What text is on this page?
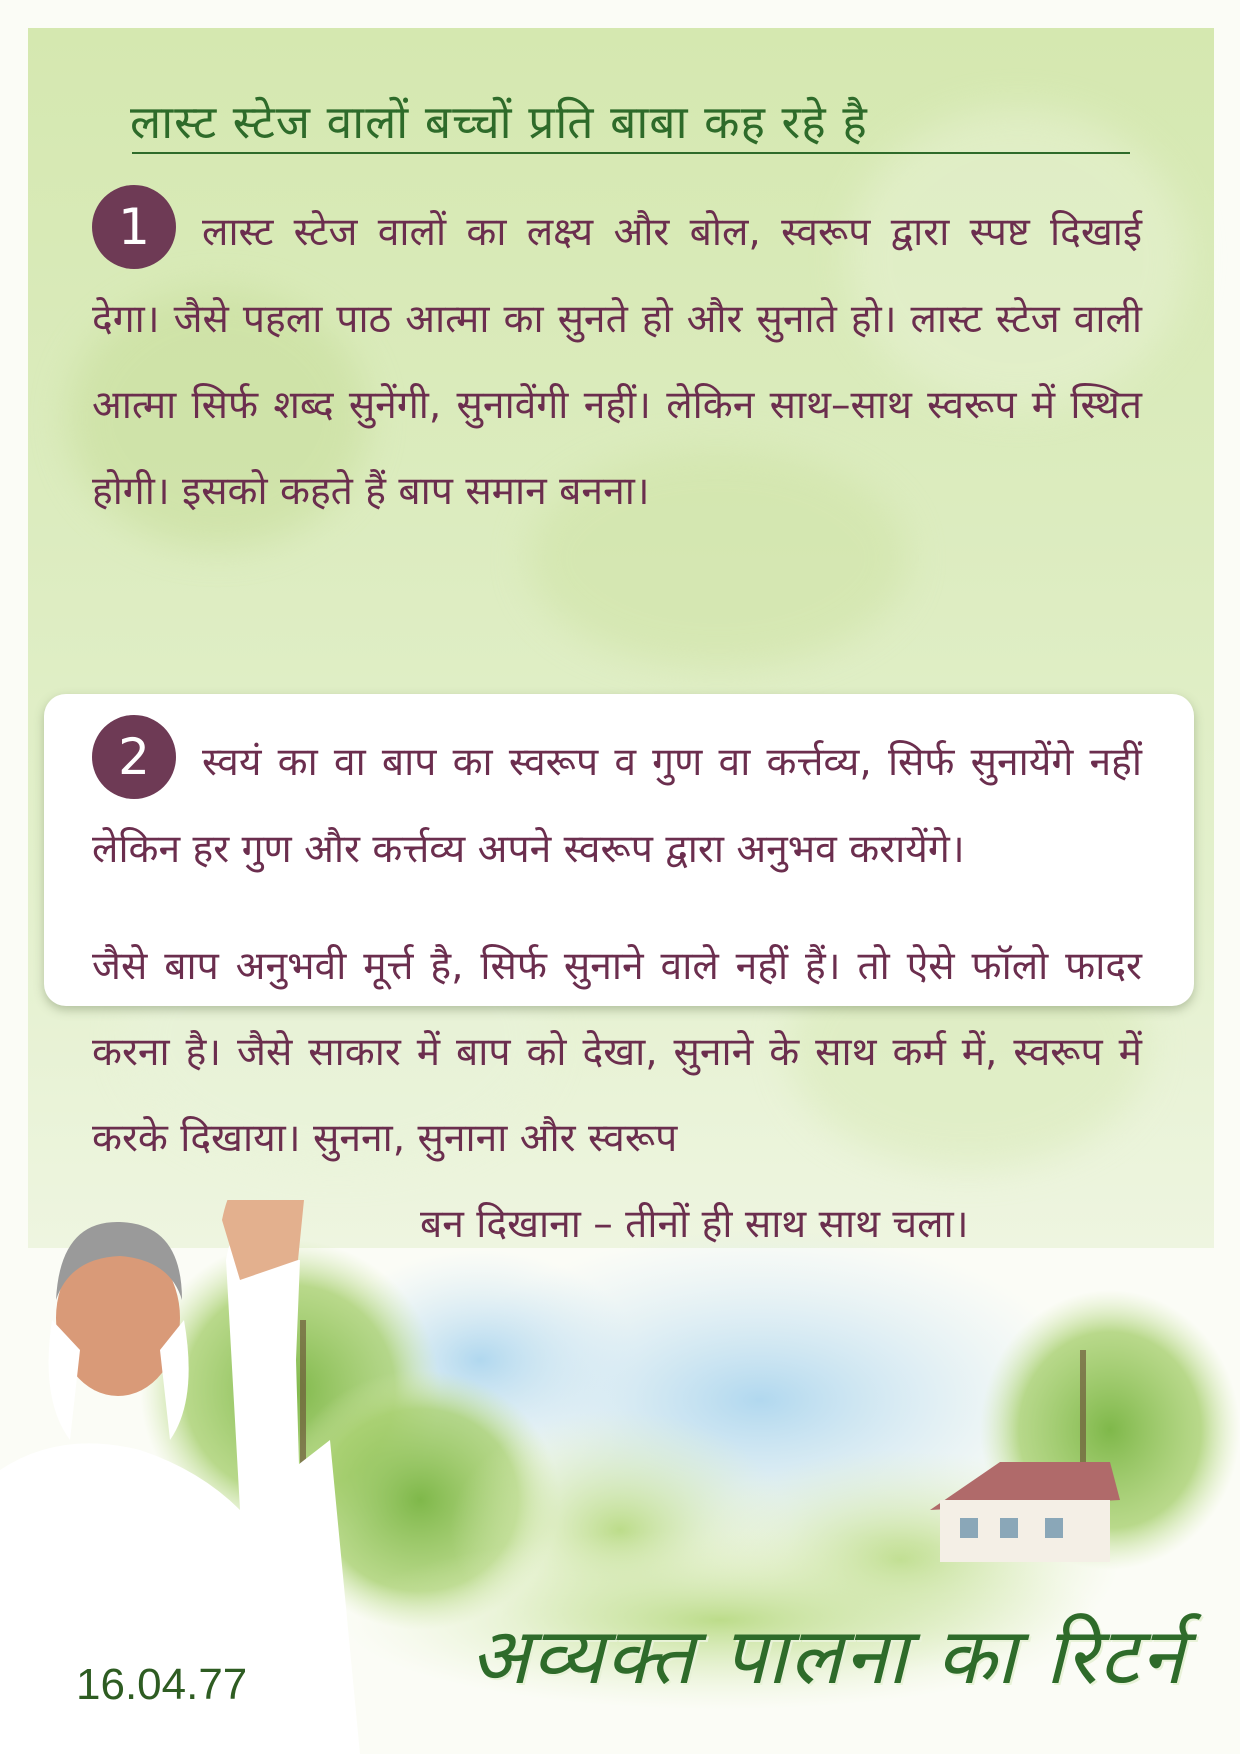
लास्ट स्टेज वालों बच्चों प्रति बाबा कह रहे है
1 लास्ट स्टेज वालों का लक्ष्य और बोल, स्वरूप द्वारा स्पष्ट दिखाई देगा। जैसे पहला पाठ आत्मा का सुनते हो और सुनाते हो। लास्ट स्टेज वाली आत्मा सिर्फ शब्द सुनेंगी, सुनावेंगी नहीं। लेकिन साथ–साथ स्वरूप में स्थित होगी। इसको कहते हैं बाप समान बनना।
2 स्वयं का वा बाप का स्वरूप व गुण वा कर्त्तव्य, सिर्फ सुनायेंगे नहीं लेकिन हर गुण और कर्त्तव्य अपने स्वरूप द्वारा अनुभव करायेंगे।
जैसे बाप अनुभवी मूर्त्त है, सिर्फ सुनाने वाले नहीं हैं। तो ऐसे फॉलो फादर करना है। जैसे साकार में बाप को देखा, सुनाने के साथ कर्म में, स्वरूप में करके दिखाया। सुनना, सुनाना और स्वरूप
बन दिखाना – तीनों ही साथ साथ चला।
16.04.77	अव्यक्त पालना का रिटर्न
